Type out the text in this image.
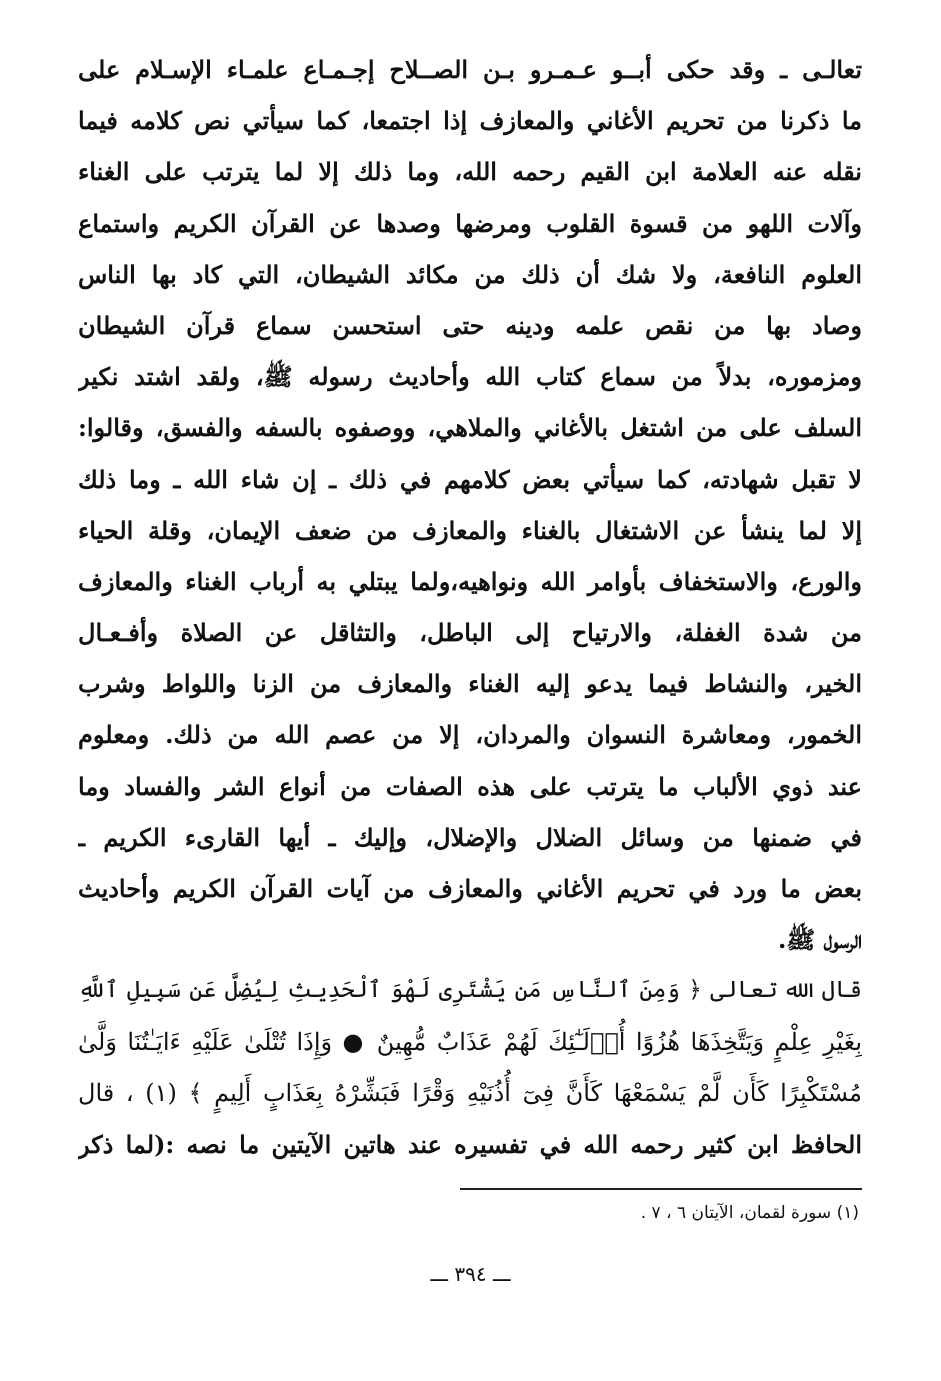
تعالـى ـ وقد حكى أبــو عـمـرو بـن الصــلاح إجـمـاع علمـاء الإسـلام على
ما ذكرنا من تحريم الأغاني والمعازف إذا اجتمعا، كما سيأتي نص كلامه فيما
نقله عنه العلامة ابن القيم رحمه الله، وما ذلك إلا لما يترتب على الغناء
وآلات اللهو من قسوة القلوب ومرضها وصدها عن القرآن الكريم واستماع
العلوم النافعة، ولا شك أن ذلك من مكائد الشيطان، التي كاد بها الناس
وصاد بها من نقص علمه ودينه حتى استحسن سماع قرآن الشيطان
ومزموره، بدلاً من سماع كتاب الله وأحاديث رسوله ﷺ، ولقد اشتد نكير
السلف على من اشتغل بالأغاني والملاهي، ووصفوه بالسفه والفسق، وقالوا:
لا تقبل شهادته، كما سيأتي بعض كلامهم في ذلك ـ إن شاء الله ـ وما ذلك
إلا لما ينشأ عن الاشتغال بالغناء والمعازف من ضعف الإيمان، وقلة الحياء
والورع، والاستخفاف بأوامر الله ونواهيه،ولما يبتلي به أرباب الغناء والمعازف
من شدة الغفلة، والارتياح إلى الباطل، والتثاقل عن الصلاة وأفـعـال
الخير، والنشاط فيما يدعو إليه الغناء والمعازف من الزنا واللواط وشرب
الخمور، ومعاشرة النسوان والمردان، إلا من عصم الله من ذلك. ومعلوم
عند ذوي الألباب ما يترتب على هذه الصفات من أنواع الشر والفساد وما
في ضمنها من وسائل الضلال والإضلال، وإليك ـ أيها القارىء الكريم ـ
بعض ما ورد في تحريم الأغاني والمعازف من آيات القرآن الكريم وأحاديث
الرسول ﷺ.
قال الله تعالى ﴿ وَمِنَ ٱلنَّاسِ مَن يَشْتَرِى لَهْوَ ٱلْحَدِيثِ لِيُضِلَّ عَن سَبِيلِ ٱللَّهِ
بِغَيْرِ عِلْمٍ وَيَتَّخِذَهَا هُزُوًا أُو۟لَـٰٓئِكَ لَهُمْ عَذَابٌ مُّهِينٌ ● وَإِذَا تُتْلَىٰ عَلَيْهِ ءَايَـٰتُنَا وَلَّىٰ
مُسْتَكْبِرًا كَأَن لَّمْ يَسْمَعْهَا كَأَنَّ فِىٓ أُذُنَيْهِ وَقْرًا فَبَشِّرْهُ بِعَذَابٍ أَلِيمٍ ﴾ (١) ، قال
الحافظ ابن كثير رحمه الله في تفسيره عند هاتين الآيتين ما نصه :(لما ذكر
(١) سورة لقمان، الآيتان ٦ ، ٧ .
ـــ ٣٩٤ ـــ
